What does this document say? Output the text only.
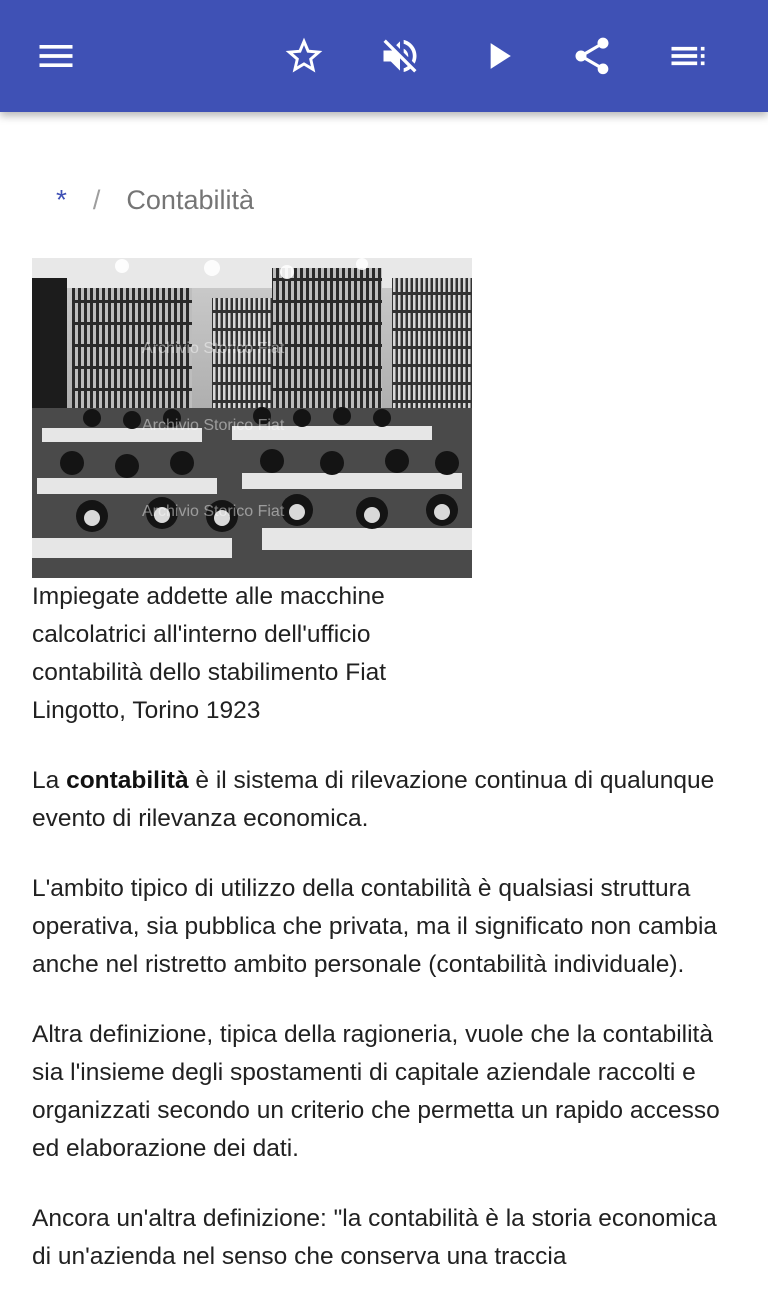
* / Contabilità
Archivio Storico Fiat
Archivio Storico Fiat
Archivio Storico Fiat

Impiegate addette alle macchine calcolatrici all'interno dell'ufficio contabilità dello stabilimento Fiat Lingotto, Torino 1923

La contabilità è il sistema di rilevazione continua di qualunque evento di rilevanza economica.

L'ambito tipico di utilizzo della contabilità è qualsiasi struttura operativa, sia pubblica che privata, ma il significato non cambia anche nel ristretto ambito personale (contabilità individuale).

Altra definizione, tipica della ragioneria, vuole che la contabilità sia l'insieme degli spostamenti di capitale aziendale raccolti e organizzati secondo un criterio che permetta un rapido accesso ed elaborazione dei dati.

Ancora un'altra definizione: "la contabilità è la storia economica di un'azienda nel senso che conserva una traccia
